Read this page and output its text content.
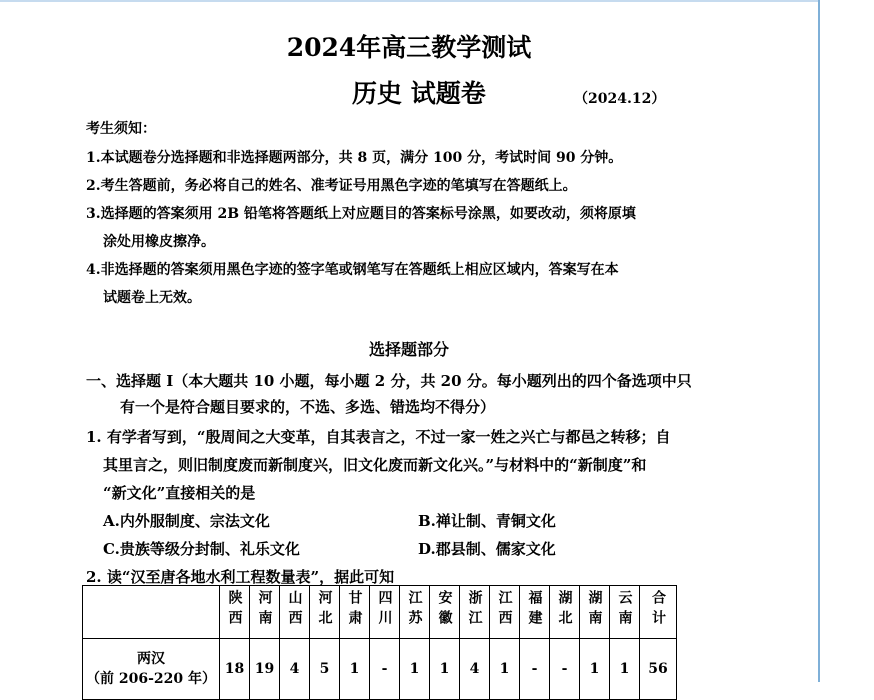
2024年高三教学测试
历史 试题卷	（2024.12）
考生须知：
1.本试题卷分选择题和非选择题两部分，共 8 页，满分 100 分，考试时间 90 分钟。
2.考生答题前，务必将自己的姓名、准考证号用黑色字迹的笔填写在答题纸上。
3.选择题的答案须用 2B 铅笔将答题纸上对应题目的答案标号涂黑，如要改动，须将原填
涂处用橡皮擦净。
4.非选择题的答案须用黑色字迹的签字笔或钢笔写在答题纸上相应区域内，答案写在本
试题卷上无效。
选择题部分
一、选择题 Ⅰ（本大题共 10 小题，每小题 2 分，共 20 分。每小题列出的四个备选项中只
有一个是符合题目要求的，不选、多选、错选均不得分）
1. 有学者写到，“殷周间之大变革，自其表言之，不过一家一姓之兴亡与都邑之转移；自
其里言之，则旧制度废而新制度兴，旧文化废而新文化兴。”与材料中的“新制度”和
“新文化”直接相关的是
A.内外服制度、宗法文化	B.禅让制、青铜文化
C.贵族等级分封制、礼乐文化	D.郡县制、儒家文化
2. 读“汉至唐各地水利工程数量表”，据此可知
	陕西	河南	山西	河北	甘肃	四川	江苏	安徽	浙江	江西	福建	湖北	湖南	云南	合计

两汉
（前 206-220 年）	18	19	4	5	1	-	1	1	4	1	-	-	1	1	56
